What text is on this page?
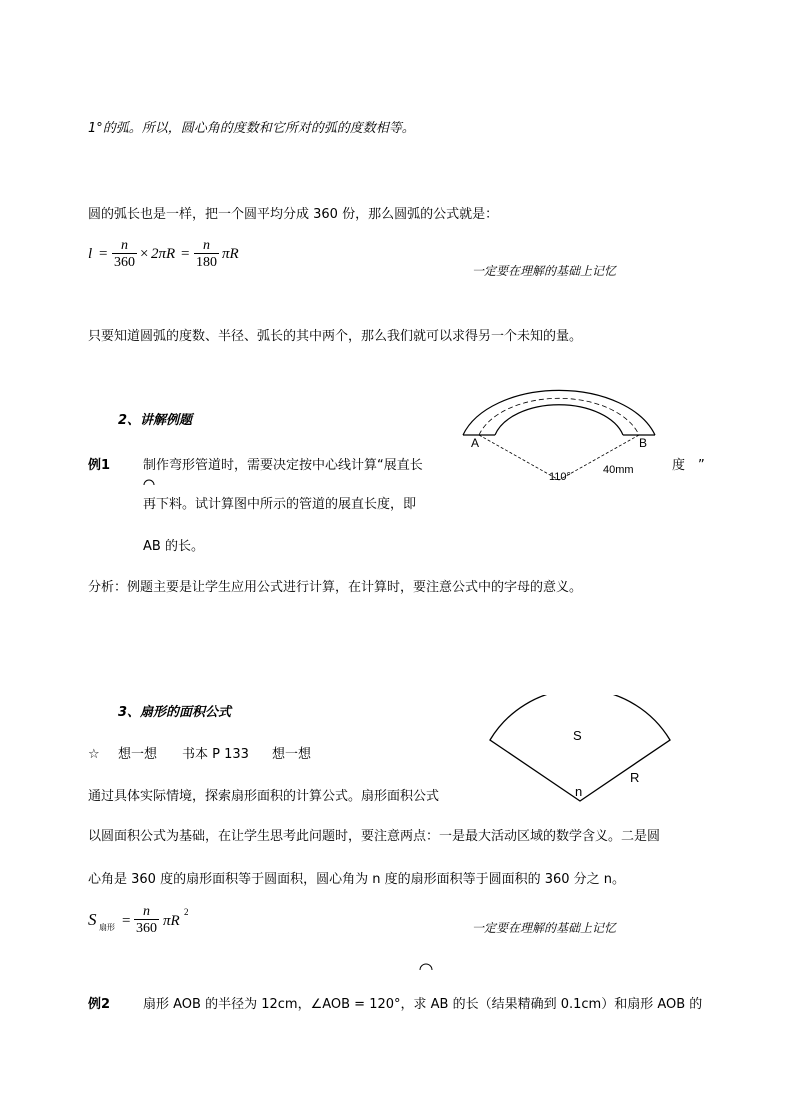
1°的弧。所以，圆心角的度数和它所对的弧的度数相等。
圆的弧长也是一样，把一个圆平均分成 360 份，那么圆弧的公式就是：
$l = \frac{n}{360} \times 2\pi R = \frac{n}{180}$ πR
一定要在理解的基础上记忆
只要知道圆弧的度数、半径、弧长的其中两个，那么我们就可以求得另一个未知的量。
2、讲解例题
A	B
110°
40mm
例1	制作弯形管道时，需要决定按中心线计算“展直长	度　”
再下料。试计算图中所示的管道的展直长度，即
AB 的长。
分析：例题主要是让学生应用公式进行计算，在计算时，要注意公式中的字母的意义。
3、扇形的面积公式
S
R
n
☆ 想一想 书本 P 133 想一想
通过具体实际情境，探索扇形面积的计算公式。扇形面积公式
以圆面积公式为基础，在让学生思考此问题时，要注意两点：一是最大活动区域的数学含义。二是圆
心角是 360 度的扇形面积等于圆面积，圆心角为 n 度的扇形面积等于圆面积的 360 分之 n。
S 扇形 = $\frac{n}{360}$ πR
2
一定要在理解的基础上记忆
例2	扇形 AOB 的半径为 12cm，∠AOB = 120°，求 AB 的长（结果精确到 0.1cm）和扇形 AOB 的
